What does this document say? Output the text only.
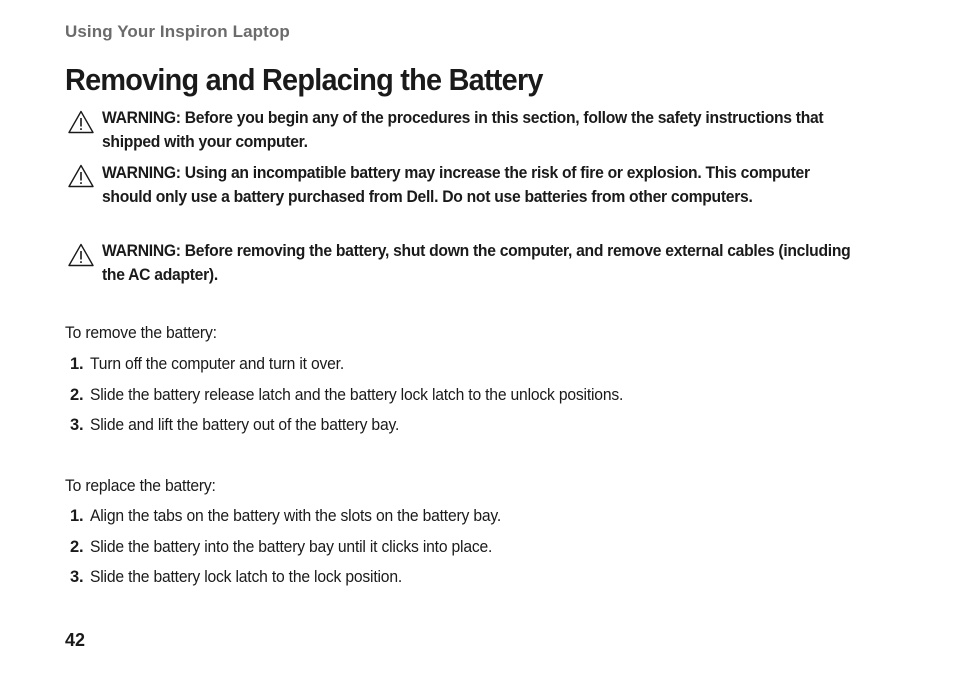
Using Your Inspiron Laptop
Removing and Replacing the Battery
WARNING: Before you begin any of the procedures in this section, follow the safety instructions that shipped with your computer.
WARNING: Using an incompatible battery may increase the risk of fire or explosion. This computer should only use a battery purchased from Dell. Do not use batteries from other computers.
WARNING: Before removing the battery, shut down the computer, and remove external cables (including the AC adapter).
To remove the battery:
1. Turn off the computer and turn it over.
2. Slide the battery release latch and the battery lock latch to the unlock positions.
3. Slide and lift the battery out of the battery bay.
To replace the battery:
1. Align the tabs on the battery with the slots on the battery bay.
2. Slide the battery into the battery bay until it clicks into place.
3. Slide the battery lock latch to the lock position.
42
